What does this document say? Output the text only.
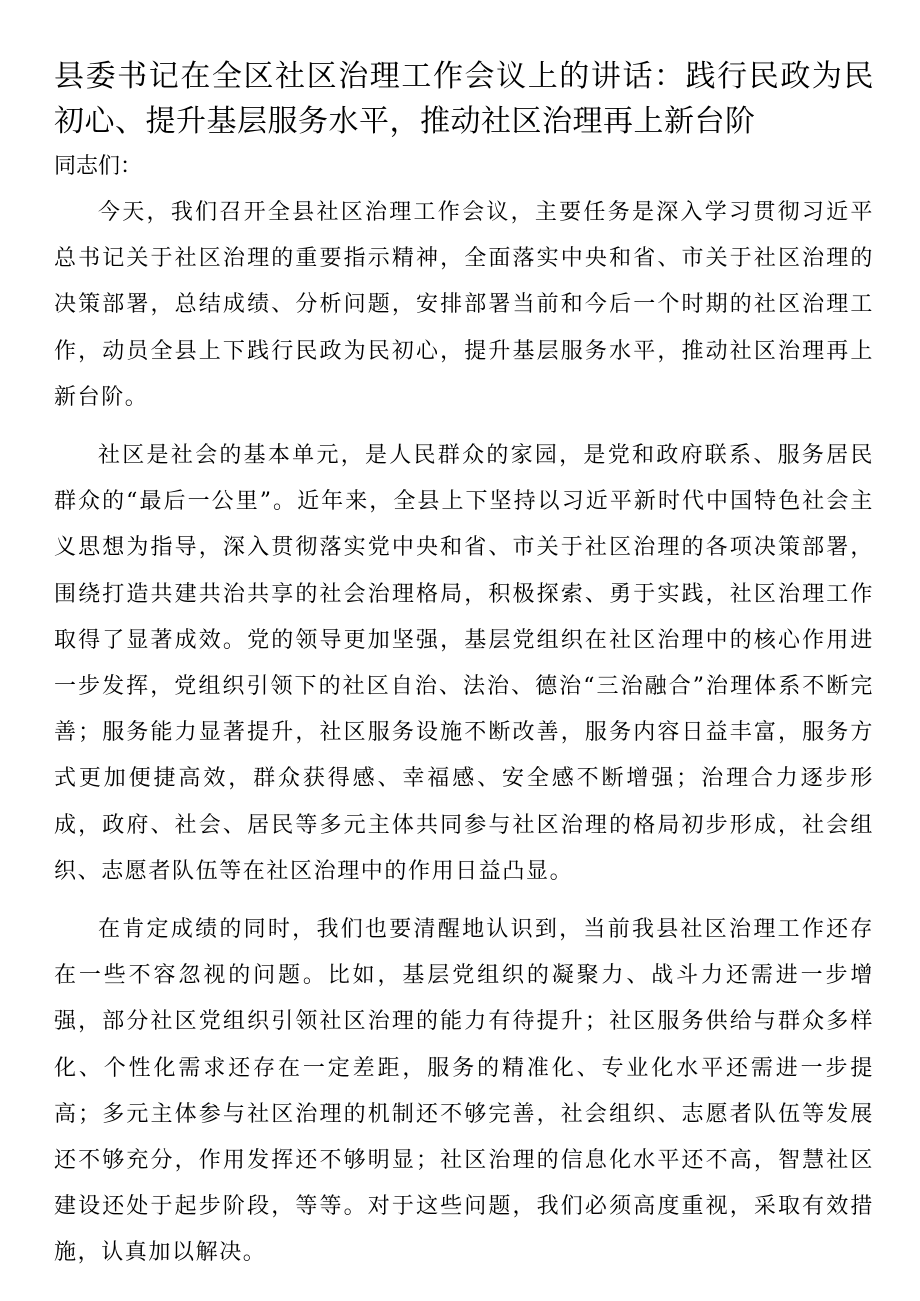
县委书记在全区社区治理工作会议上的讲话：践行民政为民初心、提升基层服务水平，推动社区治理再上新台阶

同志们：

今天，我们召开全县社区治理工作会议，主要任务是深入学习贯彻习近平总书记关于社区治理的重要指示精神，全面落实中央和省、市关于社区治理的决策部署，总结成绩、分析问题，安排部署当前和今后一个时期的社区治理工作，动员全县上下践行民政为民初心，提升基层服务水平，推动社区治理再上新台阶。

社区是社会的基本单元，是人民群众的家园，是党和政府联系、服务居民群众的“最后一公里”。近年来，全县上下坚持以习近平新时代中国特色社会主义思想为指导，深入贯彻落实党中央和省、市关于社区治理的各项决策部署，围绕打造共建共治共享的社会治理格局，积极探索、勇于实践，社区治理工作取得了显著成效。党的领导更加坚强，基层党组织在社区治理中的核心作用进一步发挥，党组织引领下的社区自治、法治、德治“三治融合”治理体系不断完善；服务能力显著提升，社区服务设施不断改善，服务内容日益丰富，服务方式更加便捷高效，群众获得感、幸福感、安全感不断增强；治理合力逐步形成，政府、社会、居民等多元主体共同参与社区治理的格局初步形成，社会组织、志愿者队伍等在社区治理中的作用日益凸显。

在肯定成绩的同时，我们也要清醒地认识到，当前我县社区治理工作还存在一些不容忽视的问题。比如，基层党组织的凝聚力、战斗力还需进一步增强，部分社区党组织引领社区治理的能力有待提升；社区服务供给与群众多样化、个性化需求还存在一定差距，服务的精准化、专业化水平还需进一步提高；多元主体参与社区治理的机制还不够完善，社会组织、志愿者队伍等发展还不够充分，作用发挥还不够明显；社区治理的信息化水平还不高，智慧社区建设还处于起步阶段，等等。对于这些问题，我们必须高度重视，采取有效措施，认真加以解决。
